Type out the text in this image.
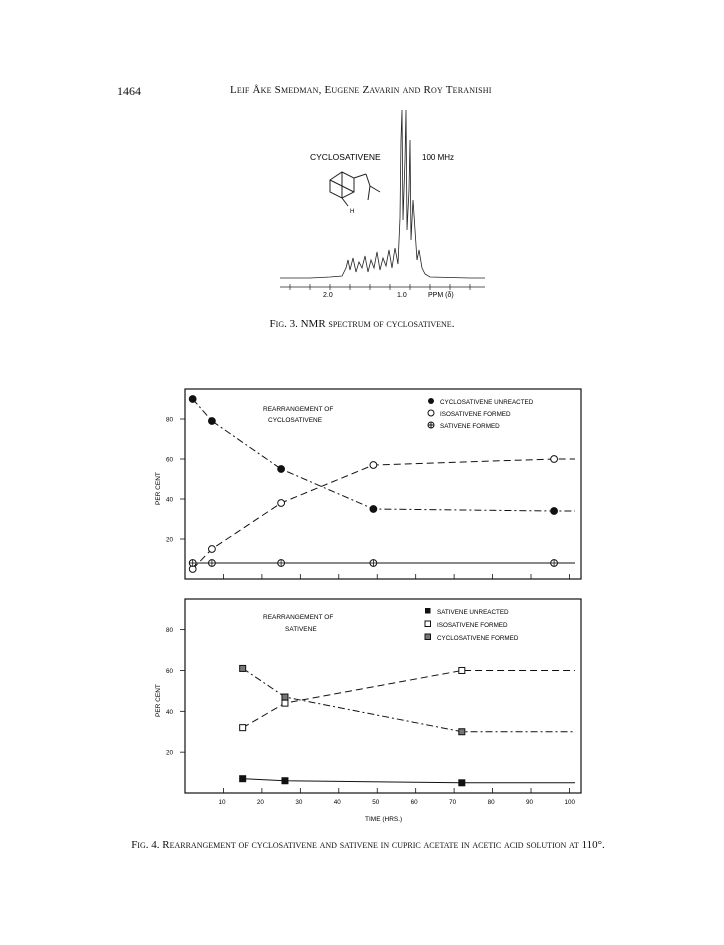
1464	Leif Åke Smedman, Eugene Zavarin and Roy Teranishi
CYCLOSATIVENE	100 MHz
H
2.0	1.0	PPM (δ)
Fig. 3. NMR spectrum of cyclosativene.
REARRANGEMENT OF
CYCLOSATIVENE
CYCLOSATIVENE UNREACTED
ISOSATIVENE FORMED
SATIVENE FORMED
20
40
60
80
REARRANGEMENT OF
SATIVENE
SATIVENE UNREACTED
ISOSATIVENE FORMED
CYCLOSATIVENE FORMED
20
40
60
80
10	20	30	40	50	60	70	80	90	100
TIME (HRS.)
PER CENT
PER CENT
Fig. 4. Rearrangement of cyclosativene and sativene in cupric acetate in acetic acid solution at 110°.
